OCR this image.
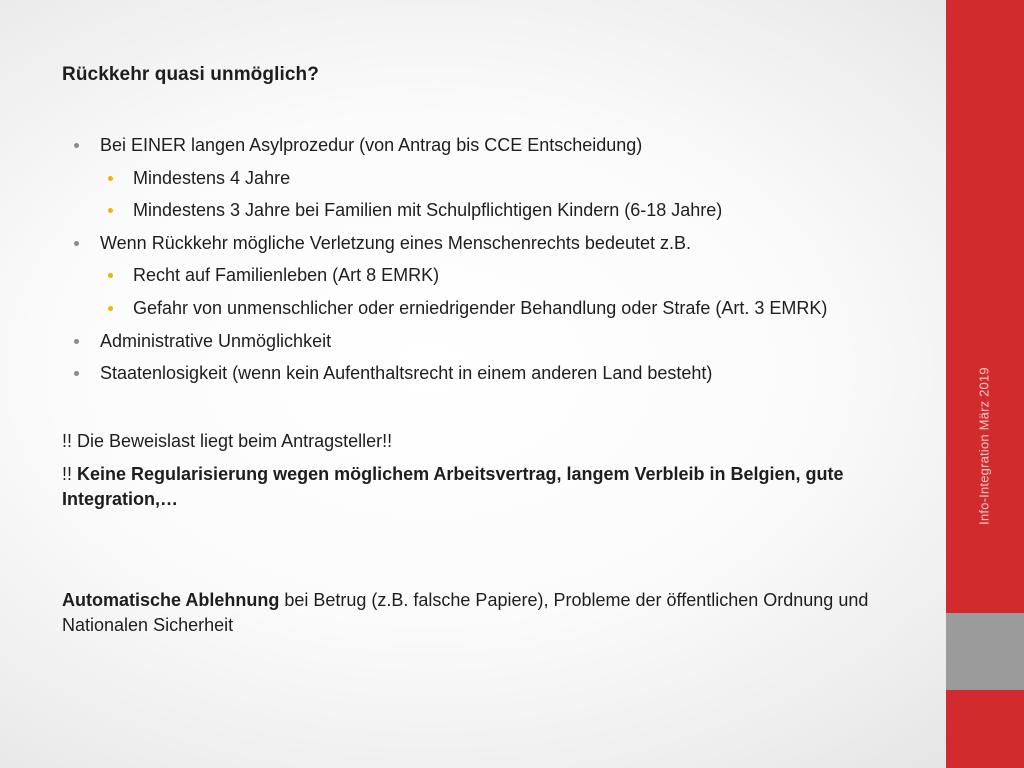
Rückkehr quasi unmöglich?
Bei EINER langen Asylprozedur (von Antrag bis CCE Entscheidung)
Mindestens 4 Jahre
Mindestens 3 Jahre bei Familien mit Schulpflichtigen Kindern (6-18 Jahre)
Wenn Rückkehr mögliche Verletzung eines Menschenrechts bedeutet z.B.
Recht auf Familienleben (Art 8 EMRK)
Gefahr von unmenschlicher oder erniedrigender Behandlung oder Strafe (Art. 3 EMRK)
Administrative Unmöglichkeit
Staatenlosigkeit (wenn kein Aufenthaltsrecht in einem anderen Land besteht)

!! Die Beweislast liegt beim Antragsteller!!

!! Keine Regularisierung wegen möglichem Arbeitsvertrag, langem Verbleib in Belgien, gute Integration,…

Automatische Ablehnung bei Betrug (z.B. falsche Papiere), Probleme der öffentlichen Ordnung und Nationalen Sicherheit

Info-Integration März 2019
